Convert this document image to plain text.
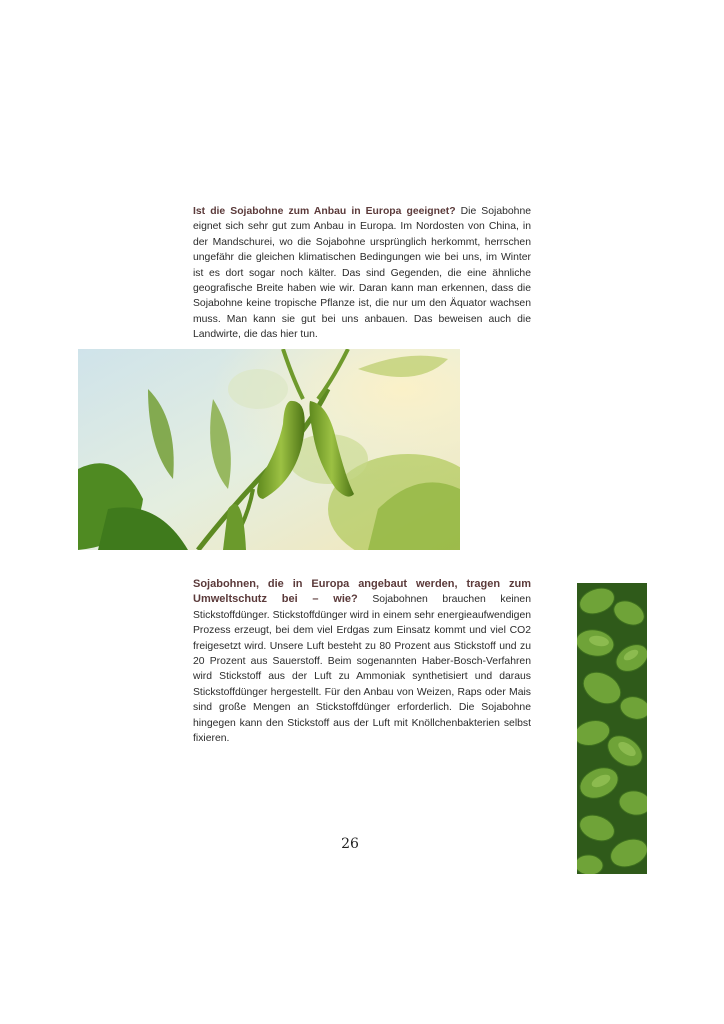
Ist die Sojabohne zum Anbau in Europa geeignet? Die Sojabohne eignet sich sehr gut zum Anbau in Europa. Im Nordosten von China, in der Mandschurei, wo die Sojabohne ursprünglich herkommt, herrschen ungefähr die gleichen klimatischen Bedingungen wie bei uns, im Winter ist es dort sogar noch kälter. Das sind Gegenden, die eine ähnliche geografische Breite haben wie wir. Daran kann man erkennen, dass die Sojabohne keine tropische Pflanze ist, die nur um den Äquator wachsen muss. Man kann sie gut bei uns anbauen. Das beweisen auch die Landwirte, die das hier tun.
Sojabohnen, die in Europa angebaut werden, tragen zum Umweltschutz bei – wie? Sojabohnen brauchen keinen Stickstoffdünger. Stickstoffdünger wird in einem sehr energieaufwendigen Prozess erzeugt, bei dem viel Erdgas zum Einsatz kommt und viel CO2 freigesetzt wird. Unsere Luft besteht zu 80 Prozent aus Stickstoff und zu 20 Prozent aus Sauerstoff. Beim sogenannten Haber-Bosch-Verfahren wird Stickstoff aus der Luft zu Ammoniak synthetisiert und daraus Stickstoffdünger hergestellt. Für den Anbau von Weizen, Raps oder Mais sind große Mengen an Stickstoffdünger erforderlich. Die Sojabohne hingegen kann den Stickstoff aus der Luft mit Knöllchenbakterien selbst fixieren.
26
